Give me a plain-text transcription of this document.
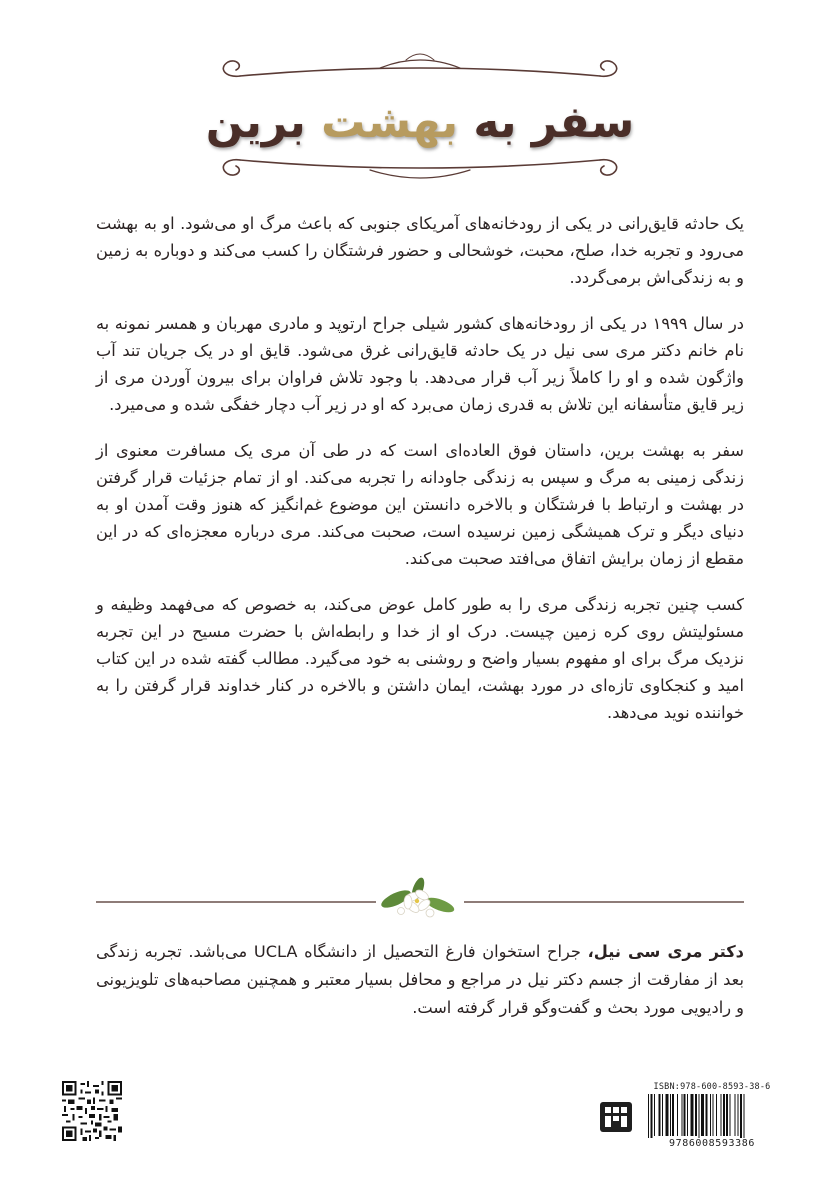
سفر به بهشت برین

یک حادثه قایق‌رانی در یکی از رودخانه‌های آمریکای جنوبی که باعث مرگ او می‌شود. او به بهشت می‌رود و تجربه خدا، صلح، محبت، خوشحالی و حضور فرشتگان را کسب می‌کند و دوباره به زمین و به زندگی‌اش برمی‌گردد.

در سال ۱۹۹۹ در یکی از رودخانه‌های کشور شیلی جراح ارتوپد و مادری مهربان و همسر نمونه به نام خانم دکتر مری سی نیل در یک حادثه قایق‌رانی غرق می‌شود. قایق او در یک جریان تند آب واژگون شده و او را کاملاً زیر آب قرار می‌دهد. با وجود تلاش فراوان برای بیرون آوردن مری از زیر قایق متأسفانه این تلاش به قدری زمان می‌برد که او در زیر آب دچار خفگی شده و می‌میرد.

سفر به بهشت برین، داستان فوق العاده‌ای است که در طی آن مری یک مسافرت معنوی از زندگی زمینی به مرگ و سپس به زندگی جاودانه را تجربه می‌کند. او از تمام جزئیات قرار گرفتن در بهشت و ارتباط با فرشتگان و بالاخره دانستن این موضوع غم‌انگیز که هنوز وقت آمدن او به دنیای دیگر و ترک همیشگی زمین نرسیده است، صحبت می‌کند. مری درباره معجزه‌ای که در این مقطع از زمان برایش اتفاق می‌افتد صحبت می‌کند.

کسب چنین تجربه زندگی مری را به طور کامل عوض می‌کند، به خصوص که می‌فهمد وظیفه و مسئولیتش روی کره زمین چیست. درک او از خدا و رابطه‌اش با حضرت مسیح در این تجربه نزدیک مرگ برای او مفهوم بسیار واضح و روشنی به خود می‌گیرد. مطالب گفته شده در این کتاب امید و کنجکاوی تازه‌ای در مورد بهشت، ایمان داشتن و بالاخره در کنار خداوند قرار گرفتن را به خواننده نوید می‌دهد.

دکتر مری سی نیل، جراح استخوان فارغ التحصیل از دانشگاه UCLA می‌باشد. تجربه زندگی بعد از مفارقت از جسم دکتر نیل در مراجع و محافل بسیار معتبر و همچنین مصاحبه‌های تلویزیونی و رادیویی مورد بحث و گفت‌وگو قرار گرفته است.
ISBN:978-600-8593-38-6
9786008593386
